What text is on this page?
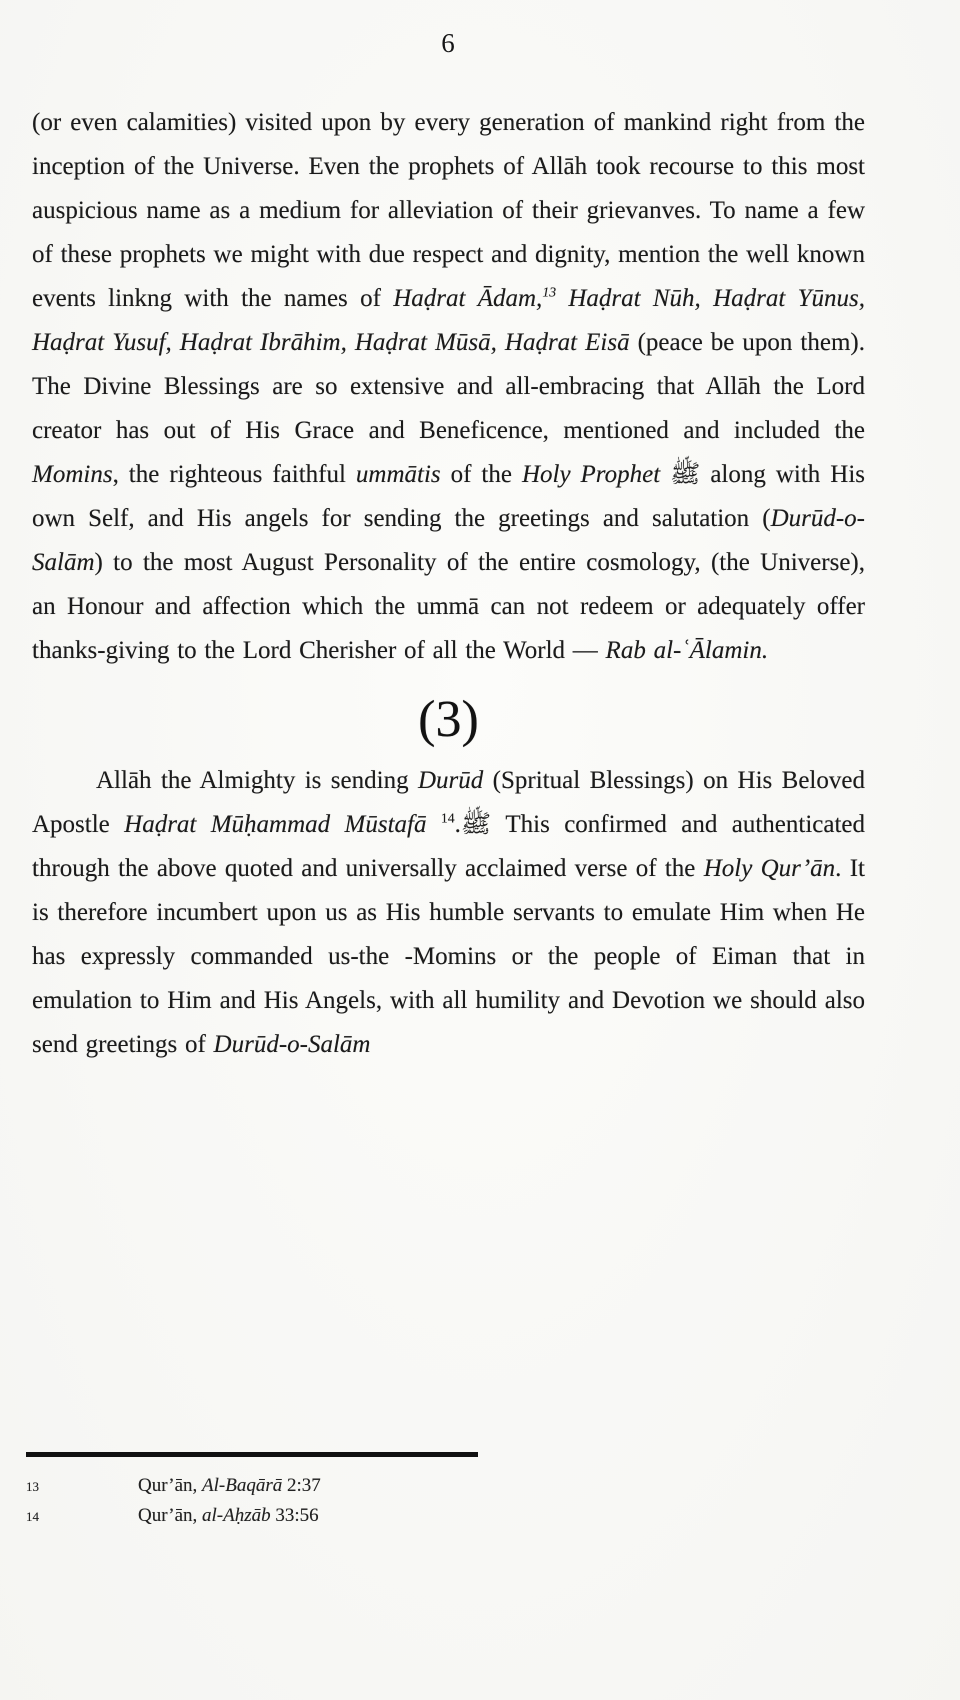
6

(or even calamities) visited upon by every generation of mankind right from the inception of the Universe. Even the prophets of Allāh took recourse to this most auspicious name as a medium for alleviation of their grievanves. To name a few of these prophets we might with due respect and dignity, mention the well known events linkng with the names of Haḍrat Ādam,$^{13}$ Haḍrat Nūh, Haḍrat Yūnus, Haḍrat Yusuf, Haḍrat Ibrāhim, Haḍrat Mūsā, Haḍrat Eisā (peace be upon them). The Divine Blessings are so extensive and all-embracing that Allāh the Lord creator has out of His Grace and Beneficence, mentioned and included the Momins, the righteous faithful ummātis of the Holy Prophet ﷺ along with His own Self, and His angels for sending the greetings and salutation (Durūd-o-Salām) to the most August Personality of the entire cosmology, (the Universe), an Honour and affection which the ummā can not redeem or adequately offer thanks-giving to the Lord Cherisher of all the World — Rab al-ʿĀlamin.

(3)

Allāh the Almighty is sending Durūd (Spritual Blessings) on His Beloved Apostle Haḍrat Mūḥammad Mūstafā ﷺ.$^{14}$ This confirmed and authenticated through the above quoted and universally acclaimed verse of the Holy Qur’ān. It is therefore incumbert upon us as His humble servants to emulate Him when He has expressly commanded us-the -Momins or the people of Eiman that in emulation to Him and His Angels, with all humility and Devotion we should also send greetings of Durūd-o-Salām

13	Qur’ān, Al-Baqārā 2:37
14	Qur’ān, al-Aḥzāb 33:56
